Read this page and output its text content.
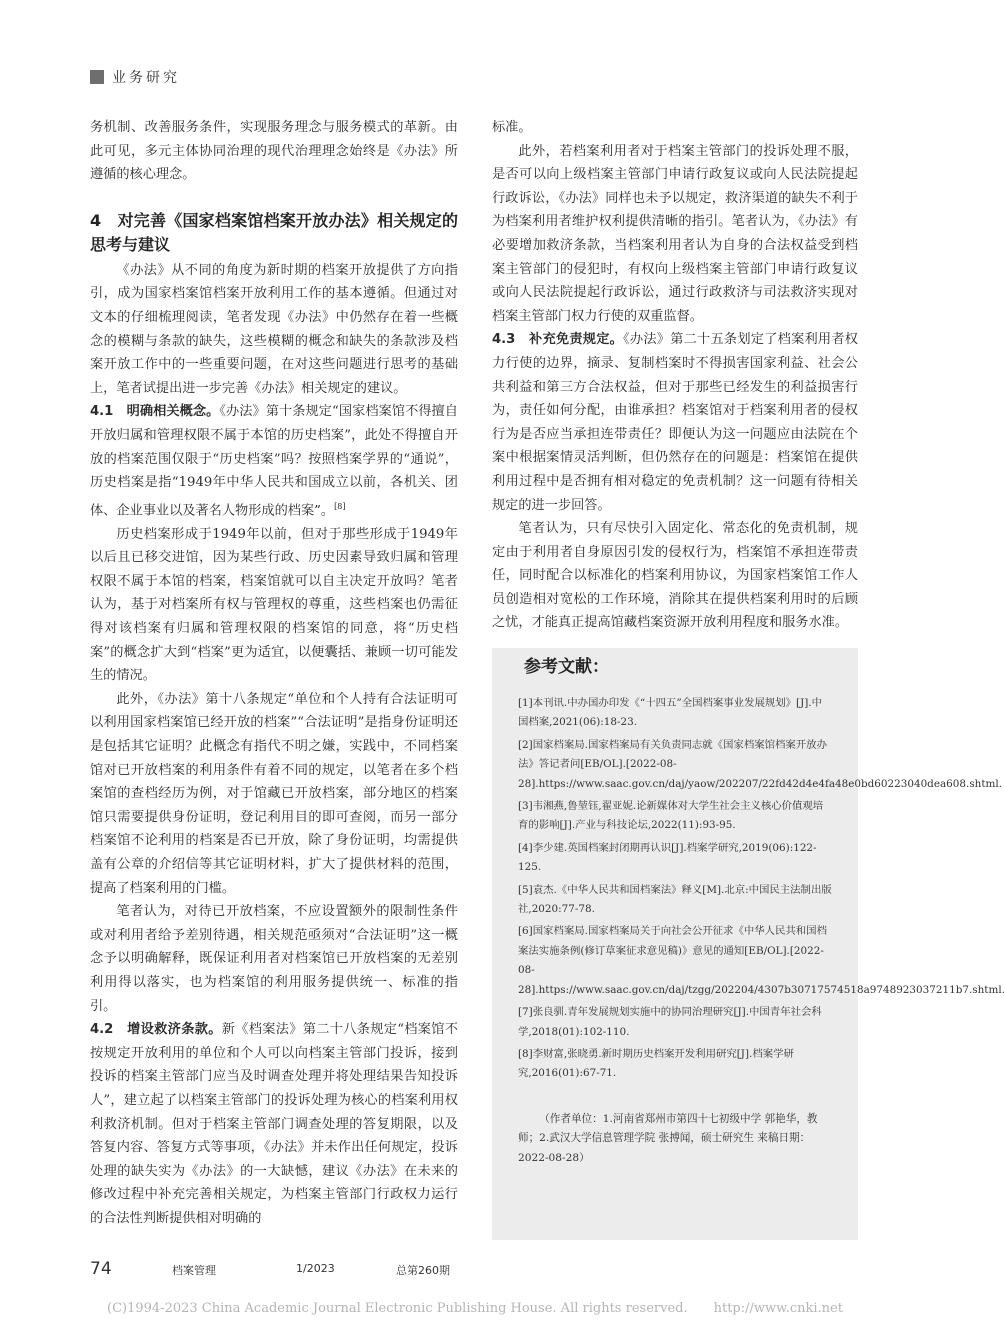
业务研究

务机制、改善服务条件，实现服务理念与服务模式的革新。由此可见，多元主体协同治理的现代治理理念始终是《办法》所遵循的核心理念。

4　对完善《国家档案馆档案开放办法》相关规定的思考与建议

《办法》从不同的角度为新时期的档案开放提供了方向指引，成为国家档案馆档案开放利用工作的基本遵循。但通过对文本的仔细梳理阅读，笔者发现《办法》中仍然存在着一些概念的模糊与条款的缺失，这些模糊的概念和缺失的条款涉及档案开放工作中的一些重要问题，在对这些问题进行思考的基础上，笔者试提出进一步完善《办法》相关规定的建议。

4.1　明确相关概念。《办法》第十条规定“国家档案馆不得擅自开放归属和管理权限不属于本馆的历史档案”，此处不得擅自开放的档案范围仅限于“历史档案”吗？按照档案学界的“通说”，历史档案是指“1949年中华人民共和国成立以前，各机关、团体、企业事业以及著名人物形成的档案”。[8]

历史档案形成于1949年以前，但对于那些形成于1949年以后且已移交进馆，因为某些行政、历史因素导致归属和管理权限不属于本馆的档案，档案馆就可以自主决定开放吗？笔者认为，基于对档案所有权与管理权的尊重，这些档案也仍需征得对该档案有归属和管理权限的档案馆的同意，将“历史档案”的概念扩大到“档案”更为适宜，以便囊括、兼顾一切可能发生的情况。

此外，《办法》第十八条规定“单位和个人持有合法证明可以利用国家档案馆已经开放的档案”“合法证明”是指身份证明还是包括其它证明？此概念有指代不明之嫌，实践中，不同档案馆对已开放档案的利用条件有着不同的规定，以笔者在多个档案馆的查档经历为例，对于馆藏已开放档案，部分地区的档案馆只需要提供身份证明，登记利用目的即可查阅，而另一部分档案馆不论利用的档案是否已开放，除了身份证明，均需提供盖有公章的介绍信等其它证明材料，扩大了提供材料的范围，提高了档案利用的门槛。

笔者认为，对待已开放档案，不应设置额外的限制性条件或对利用者给予差别待遇，相关规范亟须对“合法证明”这一概念予以明确解释，既保证利用者对档案馆已开放档案的无差别利用得以落实，也为档案馆的利用服务提供统一、标准的指引。

4.2　增设救济条款。新《档案法》第二十八条规定“档案馆不按规定开放利用的单位和个人可以向档案主管部门投诉，接到投诉的档案主管部门应当及时调查处理并将处理结果告知投诉人”，建立起了以档案主管部门的投诉处理为核心的档案利用权利救济机制。但对于档案主管部门调查处理的答复期限，以及答复内容、答复方式等事项，《办法》并未作出任何规定，投诉处理的缺失实为《办法》的一大缺憾，建议《办法》在未来的修改过程中补充完善相关规定，为档案主管部门行政权力运行的合法性判断提供相对明确的

标准。

此外，若档案利用者对于档案主管部门的投诉处理不服，是否可以向上级档案主管部门申请行政复议或向人民法院提起行政诉讼，《办法》同样也未予以规定，救济渠道的缺失不利于为档案利用者维护权利提供清晰的指引。笔者认为，《办法》有必要增加救济条款，当档案利用者认为自身的合法权益受到档案主管部门的侵犯时，有权向上级档案主管部门申请行政复议或向人民法院提起行政诉讼，通过行政救济与司法救济实现对档案主管部门权力行使的双重监督。

4.3　补充免责规定。《办法》第二十五条划定了档案利用者权力行使的边界，摘录、复制档案时不得损害国家利益、社会公共利益和第三方合法权益，但对于那些已经发生的利益损害行为，责任如何分配，由谁承担？档案馆对于档案利用者的侵权行为是否应当承担连带责任？即便认为这一问题应由法院在个案中根据案情灵活判断，但仍然存在的问题是：档案馆在提供利用过程中是否拥有相对稳定的免责机制？这一问题有待相关规定的进一步回答。

笔者认为，只有尽快引入固定化、常态化的免责机制，规定由于利用者自身原因引发的侵权行为，档案馆不承担连带责任，同时配合以标准化的档案利用协议，为国家档案馆工作人员创造相对宽松的工作环境，消除其在提供档案利用时的后顾之忧，才能真正提高馆藏档案资源开放利用程度和服务水准。

参考文献：
[1]本刊讯.中办国办印发《“十四五”全国档案事业发展规划》[J].中国档案,2021(06):18-23.
[2]国家档案局.国家档案局有关负责同志就《国家档案馆档案开放办法》答记者问[EB/OL].[2022-08-28].https://www.saac.gov.cn/daj/yaow/202207/22fd42d4e4fa48e0bd60223040dea608.shtml.
[3]韦湘燕,鲁堃钰,翟亚妮.论新媒体对大学生社会主义核心价值观培育的影响[J].产业与科技论坛,2022(11):93-95.
[4]李少建.英国档案封闭期再认识[J].档案学研究,2019(06):122-125.
[5]袁杰.《中华人民共和国档案法》释义[M].北京:中国民主法制出版社,2020:77-78.
[6]国家档案局.国家档案局关于向社会公开征求《中华人民共和国档案法实施条例(修订草案征求意见稿)》意见的通知[EB/OL].[2022-08-28].https://www.saac.gov.cn/daj/tzgg/202204/4307b30717574518a9748923037211b7.shtml.
[7]张良驯.青年发展规划实施中的协同治理研究[J].中国青年社会科学,2018(01):102-110.
[8]李财富,张晓勇.新时期历史档案开发利用研究[J].档案学研究,2016(01):67-71.
（作者单位：1.河南省郑州市第四十七初级中学 郭艳华，教师；2.武汉大学信息管理学院 张搏闻，硕士研究生 来稿日期：2022-08-28）
74	档案管理	1/2023	总第260期
(C)1994-2023 China Academic Journal Electronic Publishing House. All rights reserved.　　http://www.cnki.net
